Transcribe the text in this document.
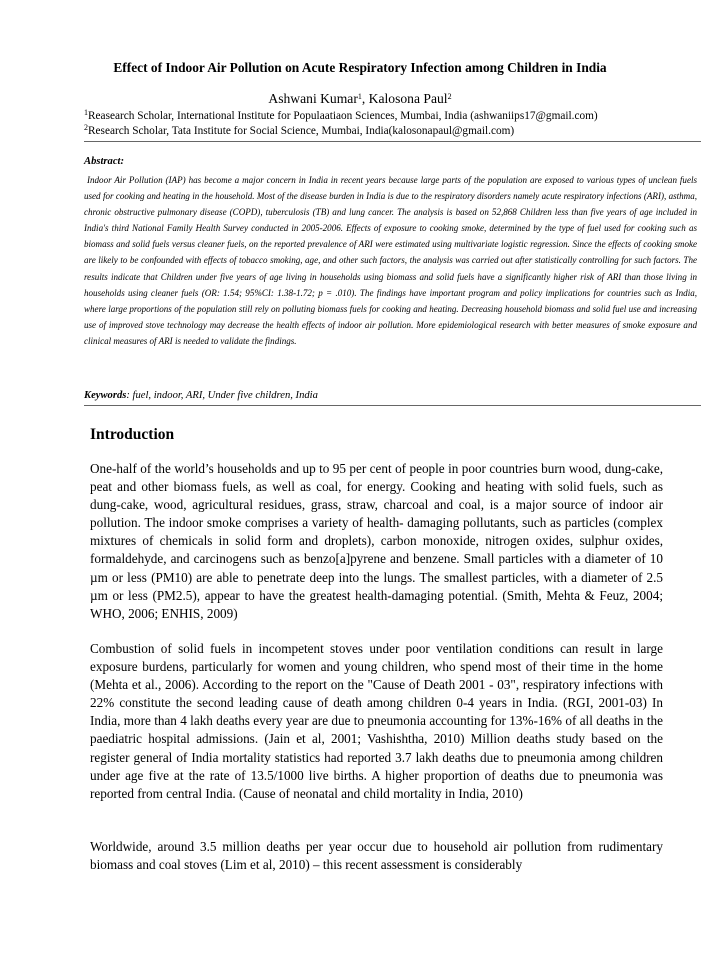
Effect of Indoor Air Pollution on Acute Respiratory Infection among Children in India
Ashwani Kumar$^1$, Kalosona Paul$^2$
$^1$Reasearch Scholar, International Institute for Populaatiaon Sciences, Mumbai, India (ashwaniips17@gmail.com)
$^2$Research Scholar, Tata Institute for Social Science, Mumbai, India(kalosonapaul@gmail.com)
Abstract:
Indoor Air Pollution (IAP) has become a major concern in India in recent years because large parts of the population are exposed to various types of unclean fuels used for cooking and heating in the household. Most of the disease burden in India is due to the respiratory disorders namely acute respiratory infections (ARI), asthma, chronic obstructive pulmonary disease (COPD), tuberculosis (TB) and lung cancer. The analysis is based on 52,868 Children less than five years of age included in India's third National Family Health Survey conducted in 2005-2006. Effects of exposure to cooking smoke, determined by the type of fuel used for cooking such as biomass and solid fuels versus cleaner fuels, on the reported prevalence of ARI were estimated using multivariate logistic regression. Since the effects of cooking smoke are likely to be confounded with effects of tobacco smoking, age, and other such factors, the analysis was carried out after statistically controlling for such factors. The results indicate that Children under five years of age living in households using biomass and solid fuels have a significantly higher risk of ARI than those living in households using cleaner fuels (OR: 1.54; 95%CI: 1.38-1.72; p = .010). The findings have important program and policy implications for countries such as India, where large proportions of the population still rely on polluting biomass fuels for cooking and heating. Decreasing household biomass and solid fuel use and increasing use of improved stove technology may decrease the health effects of indoor air pollution. More epidemiological research with better measures of smoke exposure and clinical measures of ARI is needed to validate the findings.
Keywords: fuel, indoor, ARI, Under five children, India
Introduction
One-half of the world’s households and up to 95 per cent of people in poor countries burn wood, dung-cake, peat and other biomass fuels, as well as coal, for energy. Cooking and heating with solid fuels, such as dung-cake, wood, agricultural residues, grass, straw, charcoal and coal, is a major source of indoor air pollution. The indoor smoke comprises a variety of health- damaging pollutants, such as particles (complex mixtures of chemicals in solid form and droplets), carbon monoxide, nitrogen oxides, sulphur oxides, formaldehyde, and carcinogens such as benzo[a]pyrene and benzene. Small particles with a diameter of 10 µm or less (PM10) are able to penetrate deep into the lungs. The smallest particles, with a diameter of 2.5 µm or less (PM2.5), appear to have the greatest health-damaging potential. (Smith, Mehta & Feuz, 2004; WHO, 2006; ENHIS, 2009)
Combustion of solid fuels in incompetent stoves under poor ventilation conditions can result in large exposure burdens, particularly for women and young children, who spend most of their time in the home (Mehta et al., 2006). According to the report on the "Cause of Death 2001 - 03", respiratory infections with 22% constitute the second leading cause of death among children 0-4 years in India. (RGI, 2001-03) In India, more than 4 lakh deaths every year are due to pneumonia accounting for 13%-16% of all deaths in the paediatric hospital admissions. (Jain et al, 2001; Vashishtha, 2010) Million deaths study based on the register general of India mortality statistics had reported 3.7 lakh deaths due to pneumonia among children under age five at the rate of 13.5/1000 live births. A higher proportion of deaths due to pneumonia was reported from central India. (Cause of neonatal and child mortality in India, 2010)
Worldwide, around 3.5 million deaths per year occur due to household air pollution from rudimentary biomass and coal stoves (Lim et al, 2010) – this recent assessment is considerably
